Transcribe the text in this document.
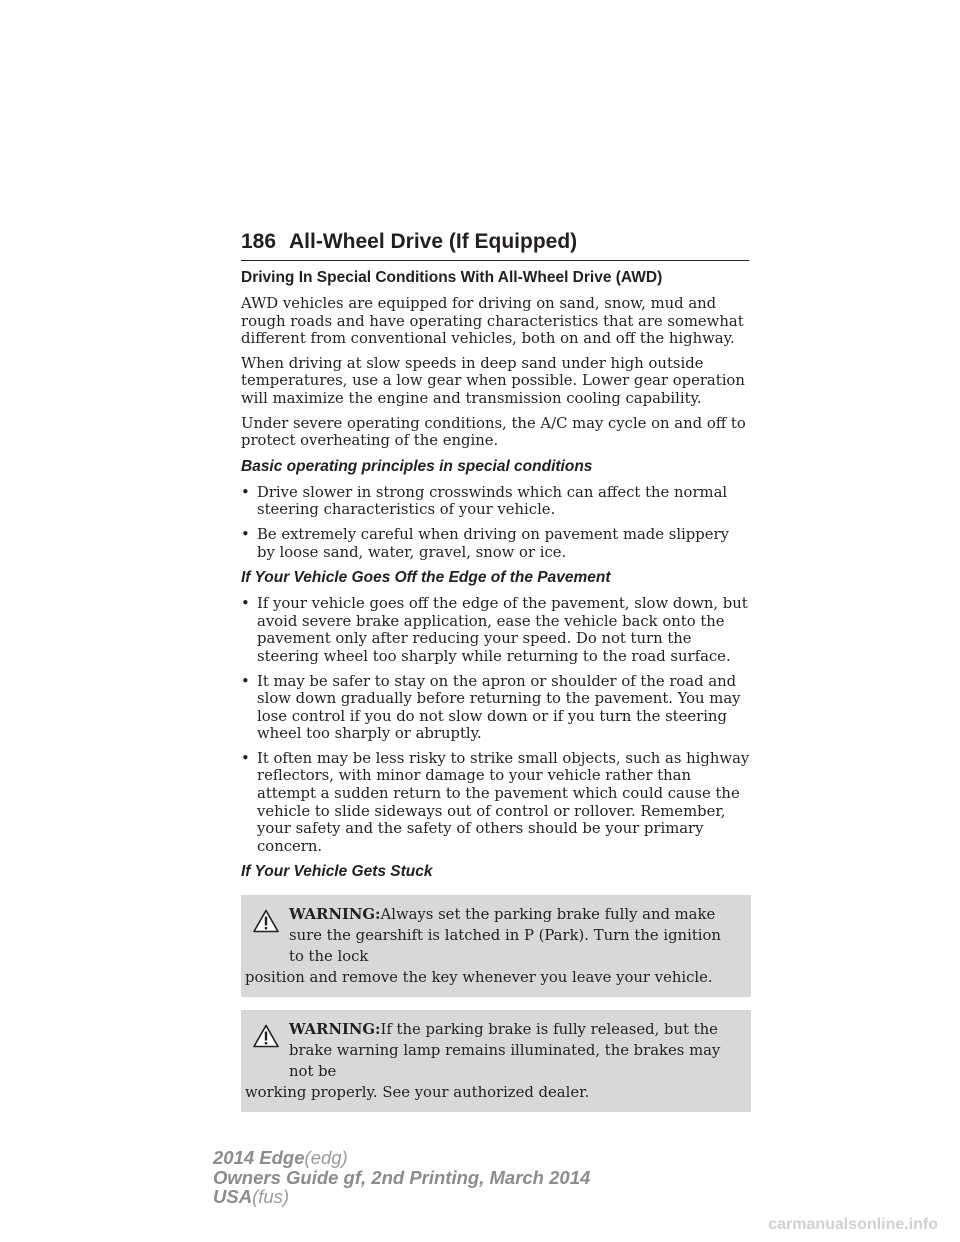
186 All-Wheel Drive (If Equipped)
Driving In Special Conditions With All-Wheel Drive (AWD)

AWD vehicles are equipped for driving on sand, snow, mud and rough roads and have operating characteristics that are somewhat different from conventional vehicles, both on and off the highway.

When driving at slow speeds in deep sand under high outside temperatures, use a low gear when possible. Lower gear operation will maximize the engine and transmission cooling capability.

Under severe operating conditions, the A/C may cycle on and off to protect overheating of the engine.

Basic operating principles in special conditions
• Drive slower in strong crosswinds which can affect the normal steering characteristics of your vehicle.
• Be extremely careful when driving on pavement made slippery by loose sand, water, gravel, snow or ice.
If Your Vehicle Goes Off the Edge of the Pavement
• If your vehicle goes off the edge of the pavement, slow down, but avoid severe brake application, ease the vehicle back onto the pavement only after reducing your speed. Do not turn the steering wheel too sharply while returning to the road surface.
• It may be safer to stay on the apron or shoulder of the road and slow down gradually before returning to the pavement. You may lose control if you do not slow down or if you turn the steering wheel too sharply or abruptly.
• It often may be less risky to strike small objects, such as highway reflectors, with minor damage to your vehicle rather than attempt a sudden return to the pavement which could cause the vehicle to slide sideways out of control or rollover. Remember, your safety and the safety of others should be your primary concern.
If Your Vehicle Gets Stuck
WARNING:Always set the parking brake fully and make sure the gearshift is latched in P (Park). Turn the ignition to the lock
position and remove the key whenever you leave your vehicle.
WARNING:If the parking brake is fully released, but the brake warning lamp remains illuminated, the brakes may not be
working properly. See your authorized dealer.
2014 Edge(edg)
Owners Guide gf, 2nd Printing, March 2014
USA(fus)
carmanualsonline.info
